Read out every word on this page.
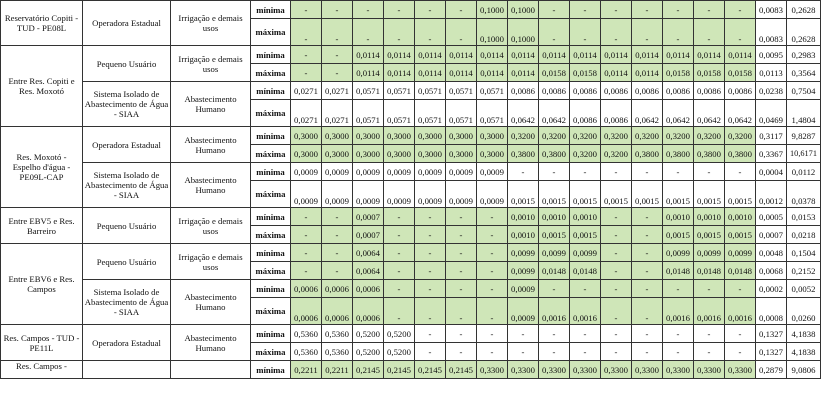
Reservatório Copiti - TUD - PE08L	Operadora Estadual	Irrigação e demais usos	mínima	-	-	-	-	-	-	0,1000	0,1000	-	-	-	-	-	-	-	0,0083	0,2628
			máxima	-	-	-	-	-	-	0,1000	0,1000	-	-	-	-	-	-	-	0,0083	0,2628
Entre Res. Copiti e Res. Moxotó	Pequeno Usuário	Irrigação e demais usos	mínima	-	-	0,0114	0,0114	0,0114	0,0114	0,0114	0,0114	0,0114	0,0114	0,0114	0,0114	0,0114	0,0114	0,0114	0,0095	0,2983
			máxima	-	-	0,0114	0,0114	0,0114	0,0114	0,0114	0,0114	0,0158	0,0158	0,0114	0,0114	0,0158	0,0158	0,0158	0,0113	0,3564
	Sistema Isolado de Abastecimento de Água - SIAA	Abastecimento Humano	mínima	0,0271	0,0271	0,0571	0,0571	0,0571	0,0571	0,0571	0,0086	0,0086	0,0086	0,0086	0,0086	0,0086	0,0086	0,0086	0,0238	0,7504
			máxima	0,0271	0,0271	0,0571	0,0571	0,0571	0,0571	0,0571	0,0642	0,0642	0,0086	0,0086	0,0642	0,0642	0,0642	0,0642	0,0469	1,4804
Res. Moxotó - Espelho d'água - PE09L-CAP	Operadora Estadual	Abastecimento Humano	mínima	0,3000	0,3000	0,3000	0,3000	0,3000	0,3000	0,3000	0,3200	0,3200	0,3200	0,3200	0,3200	0,3200	0,3200	0,3200	0,3117	9,8287
			máxima	0,3000	0,3000	0,3000	0,3000	0,3000	0,3000	0,3000	0,3800	0,3800	0,3200	0,3200	0,3800	0,3800	0,3800	0,3800	0,3367	10,6171
	Sistema Isolado de Abastecimento de Água - SIAA	Abastecimento Humano	mínima	0,0009	0,0009	0,0009	0,0009	0,0009	0,0009	0,0009	-	-	-	-	-	-	-	-	0,0004	0,0112
			máxima	0,0009	0,0009	0,0009	0,0009	0,0009	0,0009	0,0009	0,0015	0,0015	0,0015	0,0015	0,0015	0,0015	0,0015	0,0015	0,0012	0,0378
Entre EBV5 e Res. Barreiro	Pequeno Usuário	Irrigação e demais usos	mínima	-	-	0,0007	-	-	-	-	0,0010	0,0010	0,0010	-	-	0,0010	0,0010	0,0010	0,0005	0,0153
			máxima	-	-	0,0007	-	-	-	-	0,0010	0,0015	0,0015	-	-	0,0015	0,0015	0,0015	0,0007	0,0218
Entre EBV6 e Res. Campos	Pequeno Usuário	Irrigação e demais usos	mínima	-	-	0,0064	-	-	-	-	0,0099	0,0099	0,0099	-	-	0,0099	0,0099	0,0099	0,0048	0,1504
			máxima	-	-	0,0064	-	-	-	-	0,0099	0,0148	0,0148	-	-	0,0148	0,0148	0,0148	0,0068	0,2152
	Sistema Isolado de Abastecimento de Água - SIAA	Abastecimento Humano	mínima	0,0006	0,0006	0,0006	-	-	-	-	0,0009	-	-	-	-	-	-	-	0,0002	0,0052
			máxima	0,0006	0,0006	0,0006	-	-	-	-	0,0009	0,0016	0,0016	-	-	0,0016	0,0016	0,0016	0,0008	0,0260
Res. Campos - TUD - PE11L	Operadora Estadual	Abastecimento Humano	mínima	0,5360	0,5360	0,5200	0,5200	-	-	-	-	-	-	-	-	-	-	-	0,1327	4,1838
			máxima	0,5360	0,5360	0,5200	0,5200	-	-	-	-	-	-	-	-	-	-	-	0,1327	4,1838
Res. Campos -			mínima	0,2211	0,2211	0,2145	0,2145	0,2145	0,2145	0,3300	0,3300	0,3300	0,3300	0,3300	0,3300	0,3300	0,3300	0,3300	0,2879	9,0806
